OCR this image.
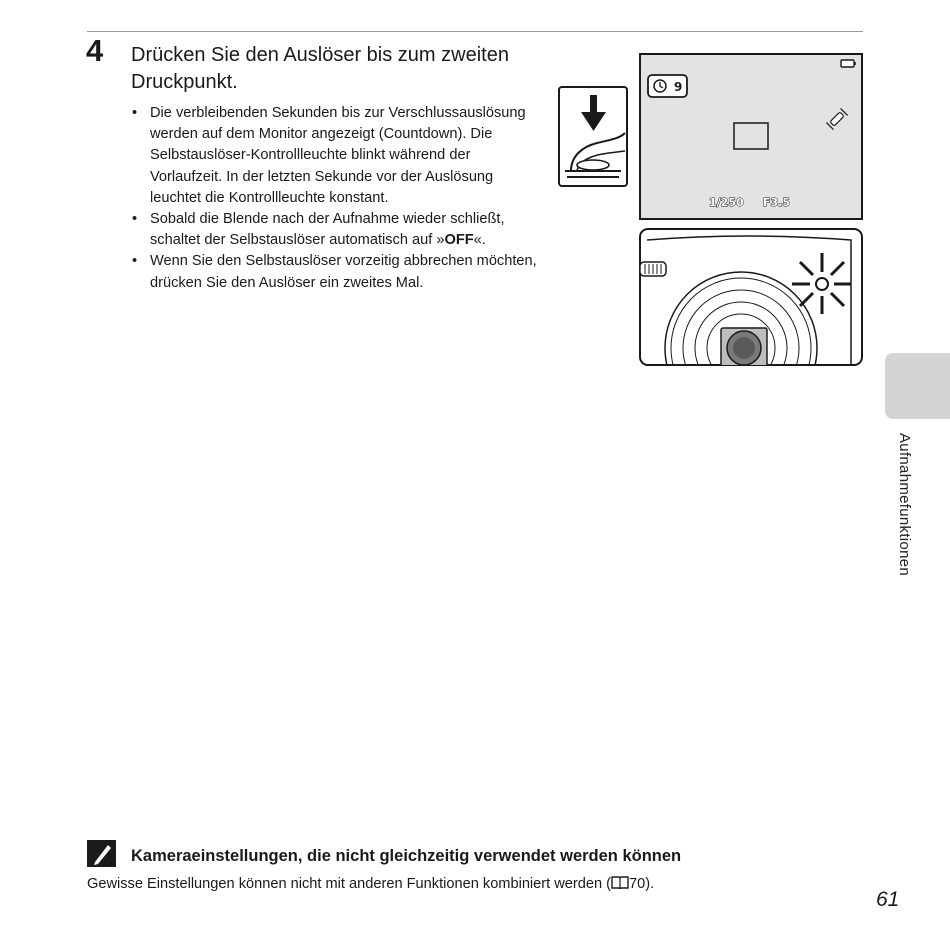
4 Drücken Sie den Auslöser bis zum zweiten Druckpunkt.
• Die verbleibenden Sekunden bis zur Verschlussauslösung werden auf dem Monitor angezeigt (Countdown). Die Selbstauslöser-Kontrollleuchte blinkt während der Vorlaufzeit. In der letzten Sekunde vor der Auslösung leuchtet die Kontrollleuchte konstant.
• Sobald die Blende nach der Aufnahme wieder schließt, schaltet der Selbstauslöser automatisch auf »OFF«.
• Wenn Sie den Selbstauslöser vorzeitig abbrechen möchten, drücken Sie den Auslöser ein zweites Mal.
9
1/250 F3.5
Aufnahmefunktionen
Kameraeinstellungen, die nicht gleichzeitig verwendet werden können
Gewisse Einstellungen können nicht mit anderen Funktionen kombiniert werden ( 70).
61
